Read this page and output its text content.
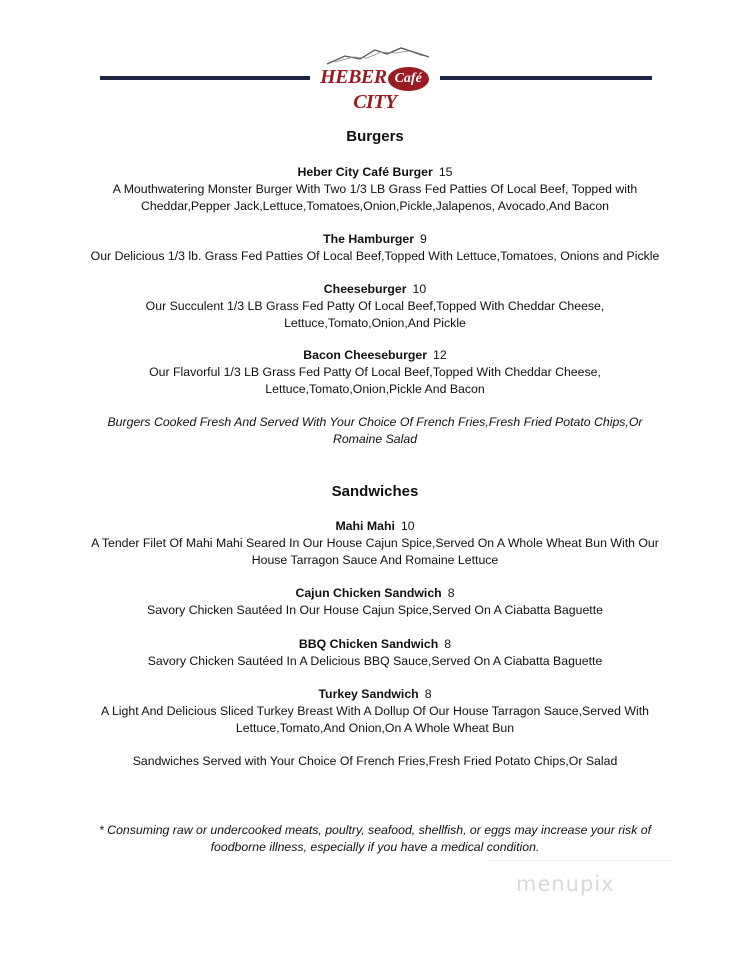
HEBER CaféCITY
Burgers
Heber City Café Burger 15
A Mouthwatering Monster Burger With Two 1/3 LB Grass Fed Patties Of Local Beef, Topped with
Cheddar,Pepper Jack,Lettuce,Tomatoes,Onion,Pickle,Jalapenos, Avocado,And Bacon
The Hamburger 9
Our Delicious 1/3 lb. Grass Fed Patties Of Local Beef,Topped With Lettuce,Tomatoes, Onions and Pickle
Cheeseburger 10
Our Succulent 1/3 LB Grass Fed Patty Of Local Beef,Topped With Cheddar Cheese,
Lettuce,Tomato,Onion,And Pickle
Bacon Cheeseburger 12
Our Flavorful 1/3 LB Grass Fed Patty Of Local Beef,Topped With Cheddar Cheese,
Lettuce,Tomato,Onion,Pickle And Bacon
Burgers Cooked Fresh And Served With Your Choice Of French Fries,Fresh Fried Potato Chips,Or
Romaine Salad
Sandwiches
Mahi Mahi 10
A Tender Filet Of Mahi Mahi Seared In Our House Cajun Spice,Served On A Whole Wheat Bun With Our
House Tarragon Sauce And Romaine Lettuce
Cajun Chicken Sandwich 8
Savory Chicken Sautéed In Our House Cajun Spice,Served On A Ciabatta Baguette
BBQ Chicken Sandwich 8
Savory Chicken Sautéed In A Delicious BBQ Sauce,Served On A Ciabatta Baguette
Turkey Sandwich 8
A Light And Delicious Sliced Turkey Breast With A Dollup Of Our House Tarragon Sauce,Served With
Lettuce,Tomato,And Onion,On A Whole Wheat Bun
Sandwiches Served with Your Choice Of French Fries,Fresh Fried Potato Chips,Or Salad
* Consuming raw or undercooked meats, poultry, seafood, shellfish, or eggs may increase your risk of
foodborne illness, especially if you have a medical condition.
menupix
